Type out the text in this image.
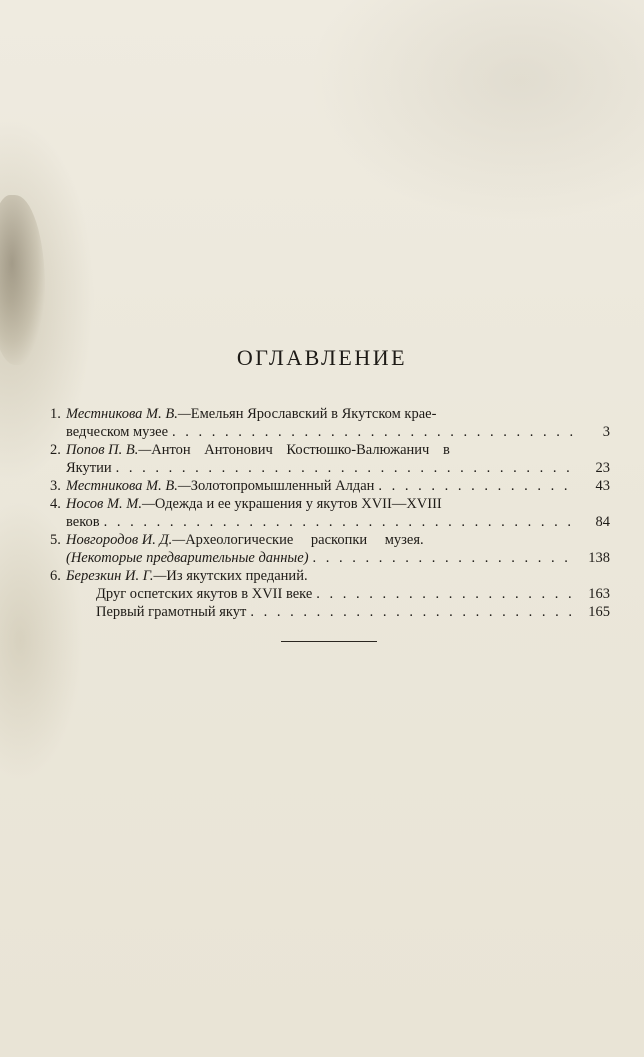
ОГЛАВЛЕНИЕ
1. Местникова М. В.— Емельян Ярославский в Якутском крае-
ведческом музее . . .	3
2. Попов П. В.— Антон Антонович Костюшко-Валюжанич в
Якутии . . .	23
3. Местникова М. В.— Золотопромышленный Алдан . . .	43
4. Носов М. М.— Одежда и ее украшения у якутов XVII—XVIII
веков . . .	84
5. Новгородов И. Д.— Археологические раскопки музея.
(Некоторые предварительные данные) . . .	138
6. Березкин И. Г.— Из якутских преданий.
Друг оспетских якутов в XVII веке . . .	163
Первый грамотный якут . . .	165
